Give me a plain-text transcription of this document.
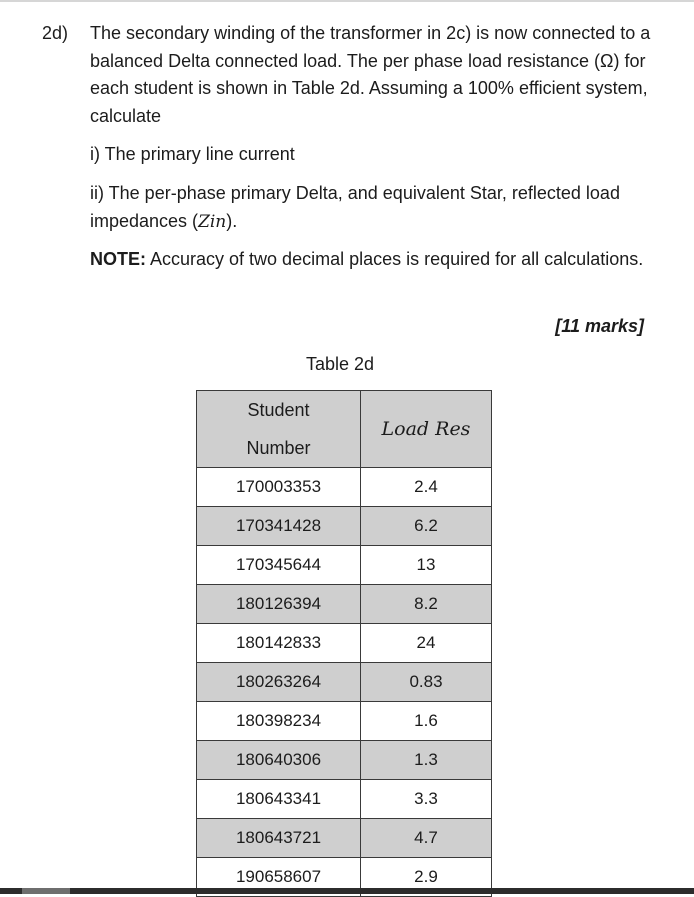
2d) The secondary winding of the transformer in 2c) is now connected to a balanced Delta connected load. The per phase load resistance (Ω) for each student is shown in Table 2d. Assuming a 100% efficient system, calculate
i) The primary line current
ii) The per-phase primary Delta, and equivalent Star, reflected load impedances (Zin).
NOTE: Accuracy of two decimal places is required for all calculations.
[11 marks]
Table 2d
Student
Number	Load Res
170003353	2.4
170341428	6.2
170345644	13
180126394	8.2
180142833	24
180263264	0.83
180398234	1.6
180640306	1.3
180643341	3.3
180643721	4.7
190658607	2.9
